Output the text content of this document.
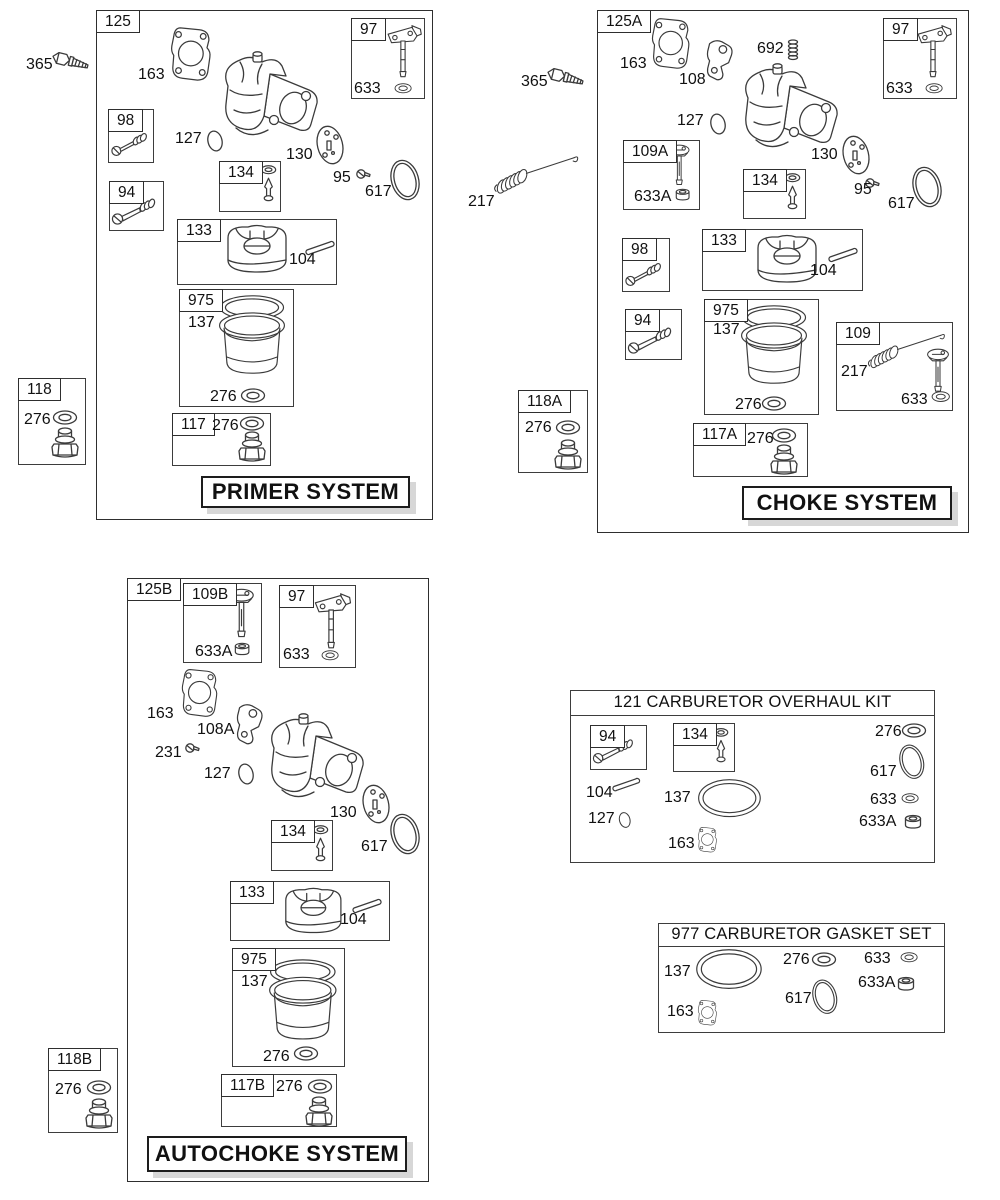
125	97
633
98
94
134
133
104
975
137
276
117 276
163
127
130
95
617
PRIMER SYSTEM
125A	97
633
109A
633A
134
98
133
104
94
975
137
276
109
217
633
117A 276
163
108
692
127
130
95
617
CHOKE SYSTEM
125B	109B
633A
97
633
134
133
104
975
137
276
117B 276
163
108A
231
127
130
617
AUTOCHOKE SYSTEM
118
276
118A
276
118B
276
121 CARBURETOR OVERHAUL KIT
94	134
104
127
137
163
276
617
633
633A
977 CARBURETOR GASKET SET
137
163
276
617
633
633A
365
365
217
